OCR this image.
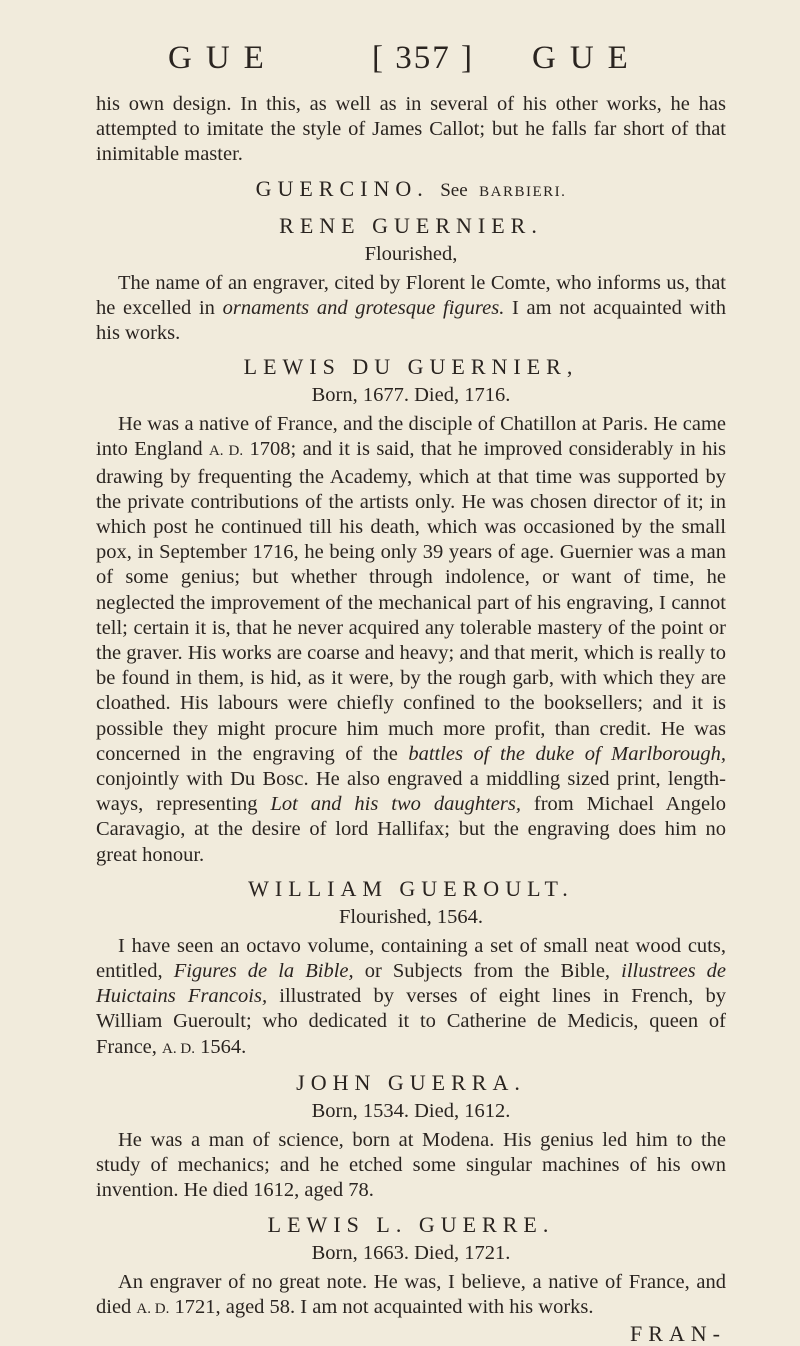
GUE	[ 357 ] GUE

his own design. In this, as well as in several of his other works, he has attempted to imitate the style of James Callot; but he falls far short of that inimitable master.

GUERCINO. See BARBIERI.
RENE GUERNIER.
Flourished,

The name of an engraver, cited by Florent le Comte, who informs us, that he excelled in ornaments and grotesque figures. I am not acquainted with his works.

LEWIS DU GUERNIER,
Born, 1677. Died, 1716.

He was a native of France, and the disciple of Chatillon at Paris. He came into England A. D. 1708; and it is said, that he improved considerably in his drawing by frequenting the Academy, which at that time was supported by the private contributions of the artists only. He was chosen director of it; in which post he continued till his death, which was occasioned by the small pox, in September 1716, he being only 39 years of age. Guernier was a man of some genius; but whether through indolence, or want of time, he neglected the improvement of the mechanical part of his engraving, I cannot tell; certain it is, that he never acquired any tolerable mastery of the point or the graver. His works are coarse and heavy; and that merit, which is really to be found in them, is hid, as it were, by the rough garb, with which they are cloathed. His labours were chiefly confined to the booksellers; and it is possible they might procure him much more profit, than credit. He was concerned in the engraving of the battles of the duke of Marlborough, conjointly with Du Bosc. He also engraved a middling sized print, length-ways, representing Lot and his two daughters, from Michael Angelo Caravagio, at the desire of lord Hallifax; but the engraving does him no great honour.

WILLIAM GUEROULT.
Flourished, 1564.

I have seen an octavo volume, containing a set of small neat wood cuts, entitled, Figures de la Bible, or Subjects from the Bible, illustrees de Huictains Francois, illustrated by verses of eight lines in French, by William Gueroult; who dedicated it to Catherine de Medicis, queen of France, A. D. 1564.

JOHN GUERRA.
Born, 1534. Died, 1612.

He was a man of science, born at Modena. His genius led him to the study of mechanics; and he etched some singular machines of his own invention. He died 1612, aged 78.

LEWIS L. GUERRE.
Born, 1663. Died, 1721.

An engraver of no great note. He was, I believe, a native of France, and died A. D. 1721, aged 58. I am not acquainted with his works.

FRAN-
